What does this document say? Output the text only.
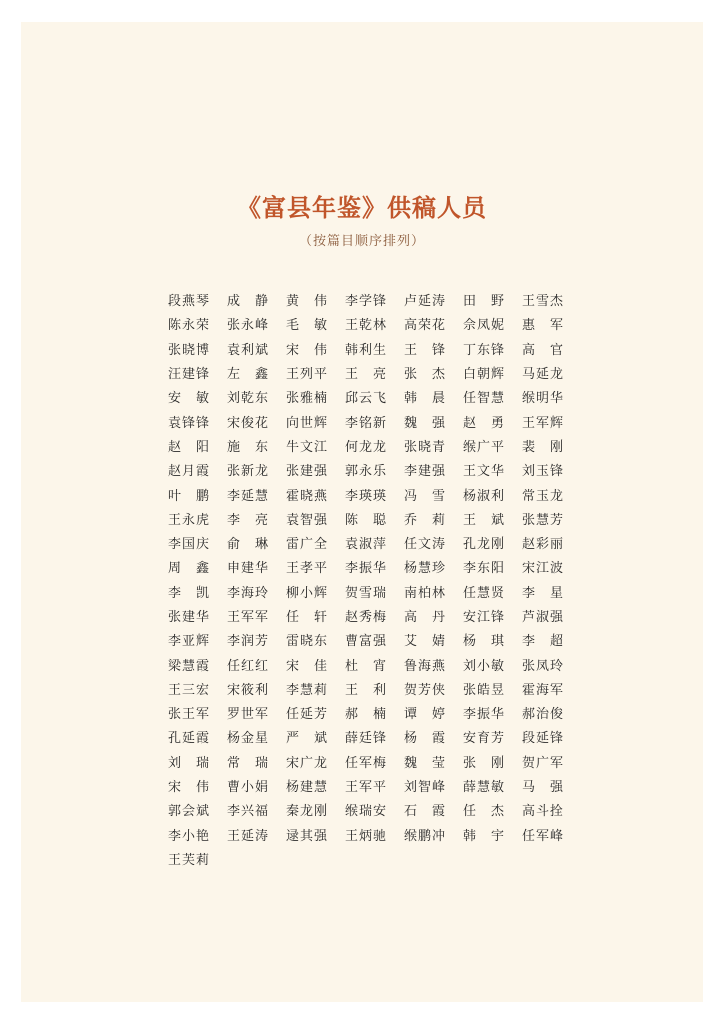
《富县年鉴》供稿人员
（按篇目顺序排列）
段 燕 琴 成 静 黄 伟 李 学 锋 卢 延 涛 田 野 王 雪 杰
陈 永 荣 张 永 峰 毛 敏 王 乾 林 高 荣 花 佘 凤 妮 惠 军
张 晓 博 袁 利 斌 宋 伟 韩 利 生 王 锋 丁 东 锋 高 官
汪 建 锋 左 鑫 王 列 平 王 亮 张 杰 白 朝 辉 马 延 龙
安 敏 刘 乾 东 张 雅 楠 邱 云 飞 韩 晨 任 智 慧 缑 明 华
袁 锋 锋 宋 俊 花 向 世 辉 李 铭 新 魏 强 赵 勇 王 军 辉
赵 阳 施 东 牛 文 江 何 龙 龙 张 晓 青 缑 广 平 裴 刚
赵 月 霞 张 新 龙 张 建 强 郭 永 乐 李 建 强 王 文 华 刘 玉 锋
叶 鹏 李 延 慧 霍 晓 燕 李 瑛 瑛 冯 雪 杨 淑 利 常 玉 龙
王 永 虎 李 亮 袁 智 强 陈 聪 乔 莉 王 斌 张 慧 芳
李 国 庆 俞 琳 雷 广 全 袁 淑 萍 任 文 涛 孔 龙 刚 赵 彩 丽
周 鑫 申 建 华 王 孝 平 李 振 华 杨 慧 珍 李 东 阳 宋 江 波
李 凯 李 海 玲 柳 小 辉 贺 雪 瑞 南 柏 林 任 慧 贤 李 星
张 建 华 王 军 军 任 轩 赵 秀 梅 高 丹 安 江 锋 芦 淑 强
李 亚 辉 李 润 芳 雷 晓 东 曹 富 强 艾 婧 杨 琪 李 超
梁 慧 霞 任 红 红 宋 佳 杜 宵 鲁 海 燕 刘 小 敏 张 凤 玲
王 三 宏 宋 筱 利 李 慧 莉 王 利 贺 芳 侠 张 皓 昱 霍 海 军
张 王 军 罗 世 军 任 延 芳 郝 楠 谭 婷 李 振 华 郝 治 俊
孔 延 霞 杨 金 星 严 斌 薛 廷 锋 杨 霞 安 育 芳 段 延 锋
刘 瑞 常 瑞 宋 广 龙 任 军 梅 魏 莹 张 刚 贺 广 军
宋 伟 曹 小 娟 杨 建 慧 王 军 平 刘 智 峰 薛 慧 敏 马 强
郭 会 斌 李 兴 福 秦 龙 刚 缑 瑞 安 石 霞 任 杰 高 斗 拴
李 小 艳 王 延 涛 逯 其 强 王 炳 驰 缑 鹏 冲 韩 宇 任 军 峰
王 芙 莉
